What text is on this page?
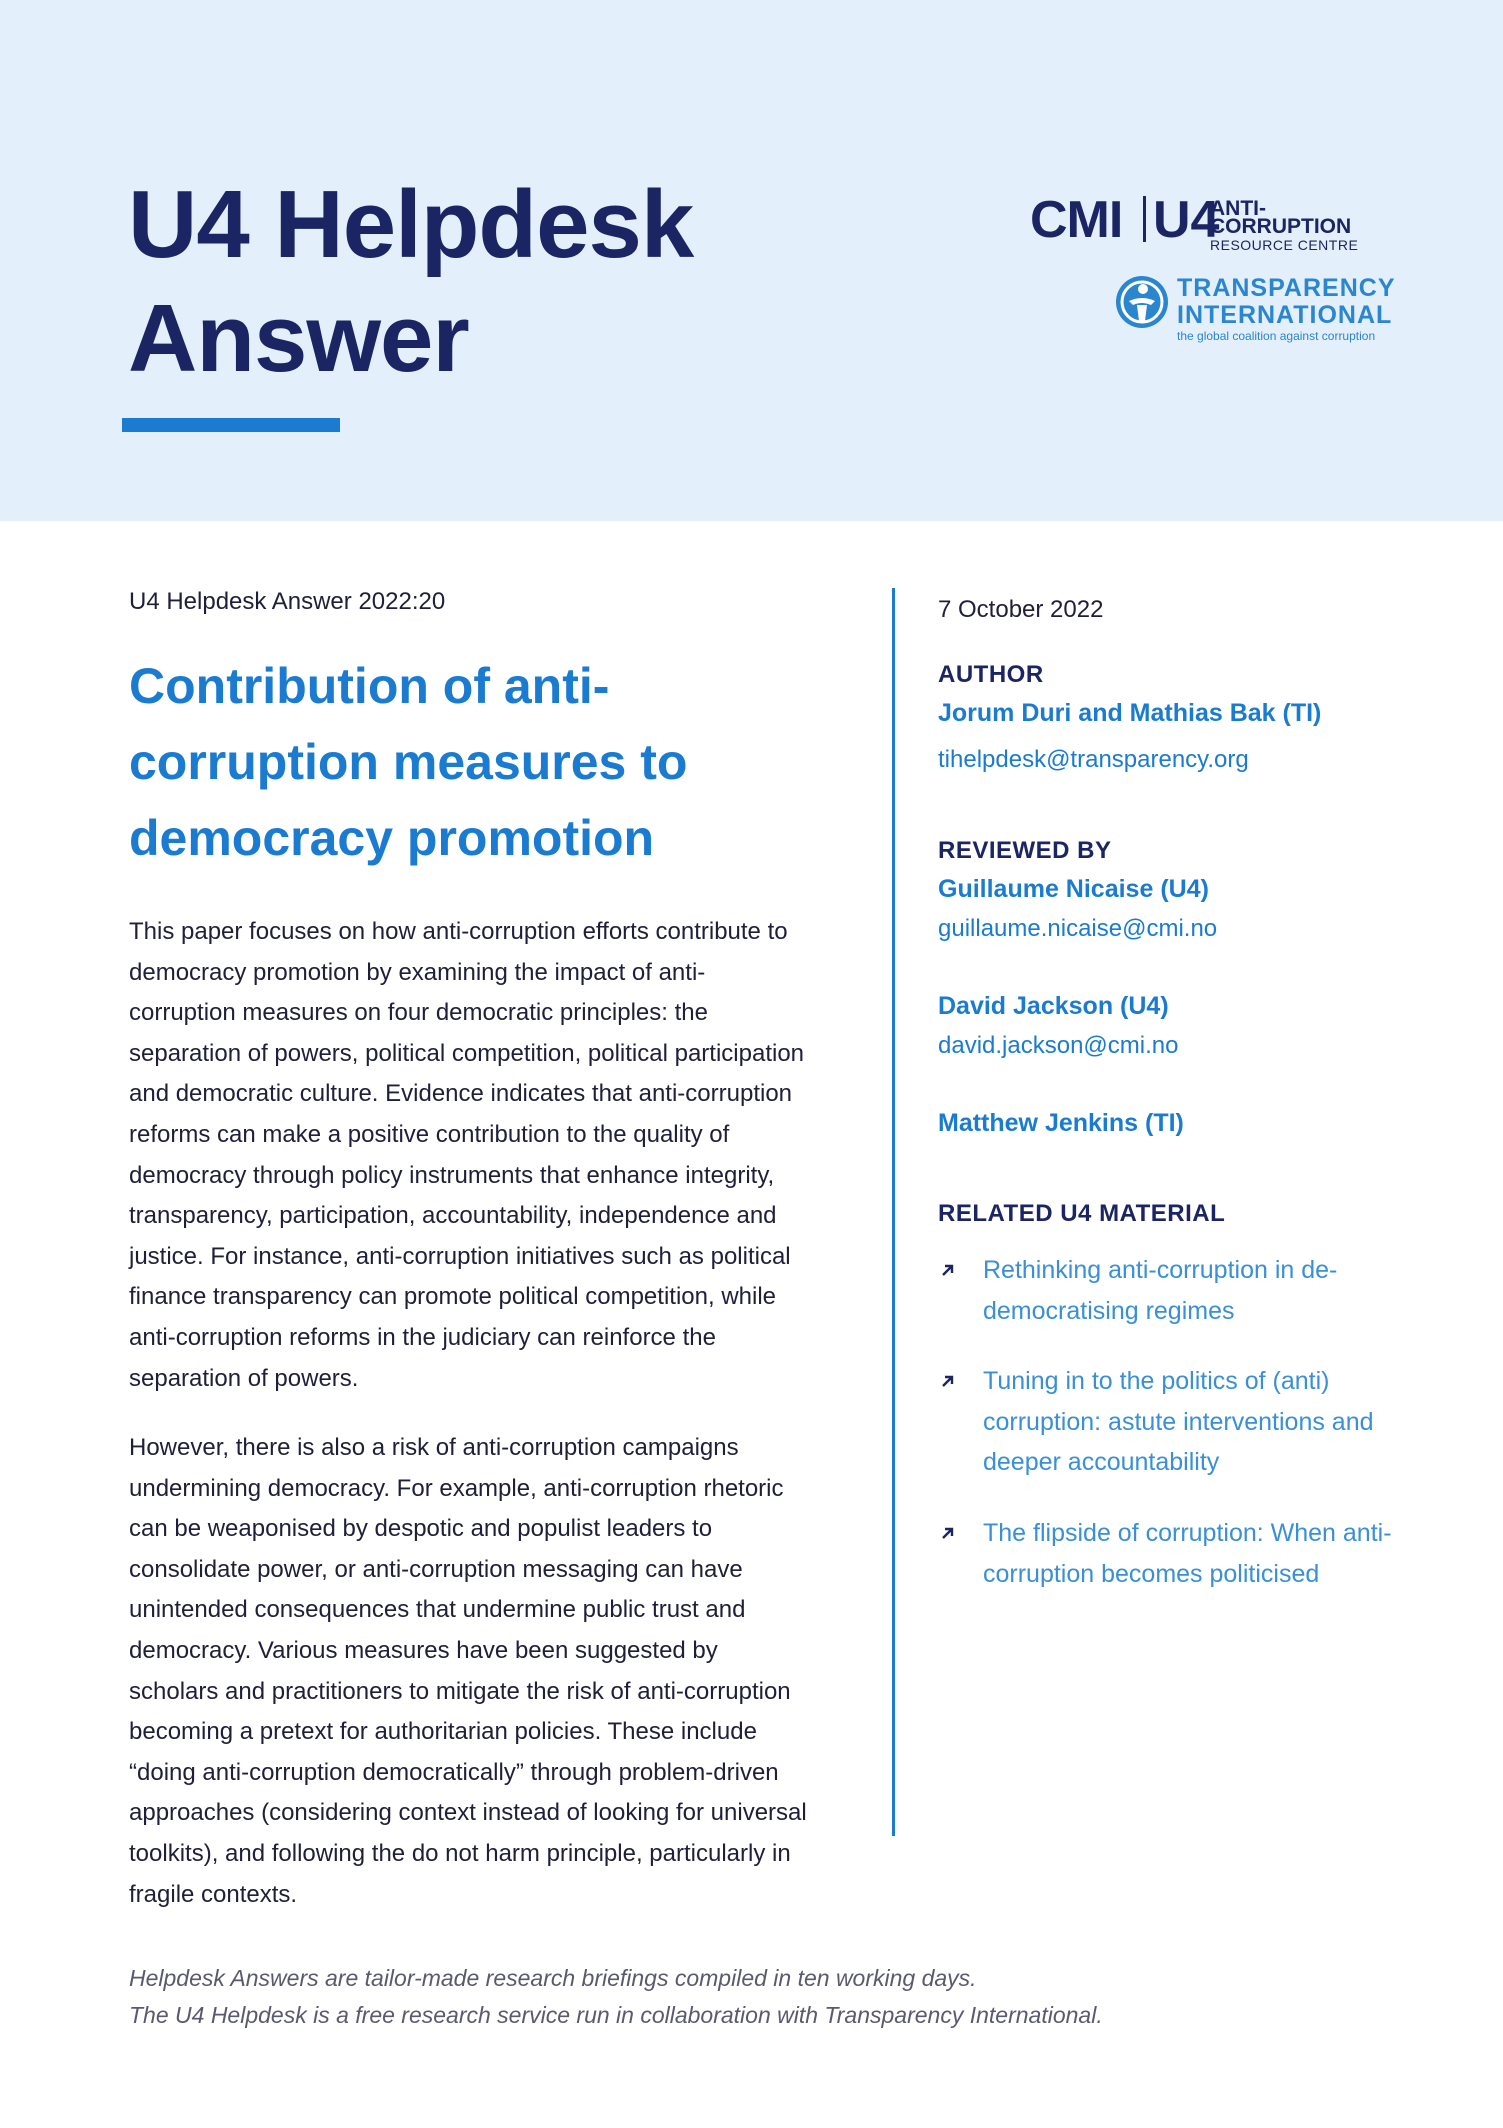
U4 Helpdesk
Answer
CMI U4
ANTI-CORRUPTION
RESOURCE CENTRE
TRANSPARENCY
INTERNATIONAL
the global coalition against corruption
U4 Helpdesk Answer 2022:20
Contribution of anti-corruption measures to democracy promotion

This paper focuses on how anti-corruption efforts contribute to democracy promotion by examining the impact of anti-corruption measures on four democratic principles: the separation of powers, political competition, political participation and democratic culture. Evidence indicates that anti-corruption reforms can make a positive contribution to the quality of democracy through policy instruments that enhance integrity, transparency, participation, accountability, independence and justice. For instance, anti-corruption initiatives such as political finance transparency can promote political competition, while anti-corruption reforms in the judiciary can reinforce the separation of powers.

However, there is also a risk of anti-corruption campaigns undermining democracy. For example, anti-corruption rhetoric can be weaponised by despotic and populist leaders to consolidate power, or anti-corruption messaging can have unintended consequences that undermine public trust and democracy. Various measures have been suggested by scholars and practitioners to mitigate the risk of anti-corruption becoming a pretext for authoritarian policies. These include “doing anti-corruption democratically” through problem-driven approaches (considering context instead of looking for universal toolkits), and following the do not harm principle, particularly in fragile contexts.

7 October 2022
AUTHOR
Jorum Duri and Mathias Bak (TI)
tihelpdesk@transparency.org
REVIEWED BY
Guillaume Nicaise (U4)
guillaume.nicaise@cmi.no
David Jackson (U4)
david.jackson@cmi.no
Matthew Jenkins (TI)
RELATED U4 MATERIAL
Rethinking anti-corruption in de-democratising regimes
Tuning in to the politics of (anti) corruption: astute interventions and deeper accountability
The flipside of corruption: When anti-corruption becomes politicised
Helpdesk Answers are tailor-made research briefings compiled in ten working days.
The U4 Helpdesk is a free research service run in collaboration with Transparency International.
